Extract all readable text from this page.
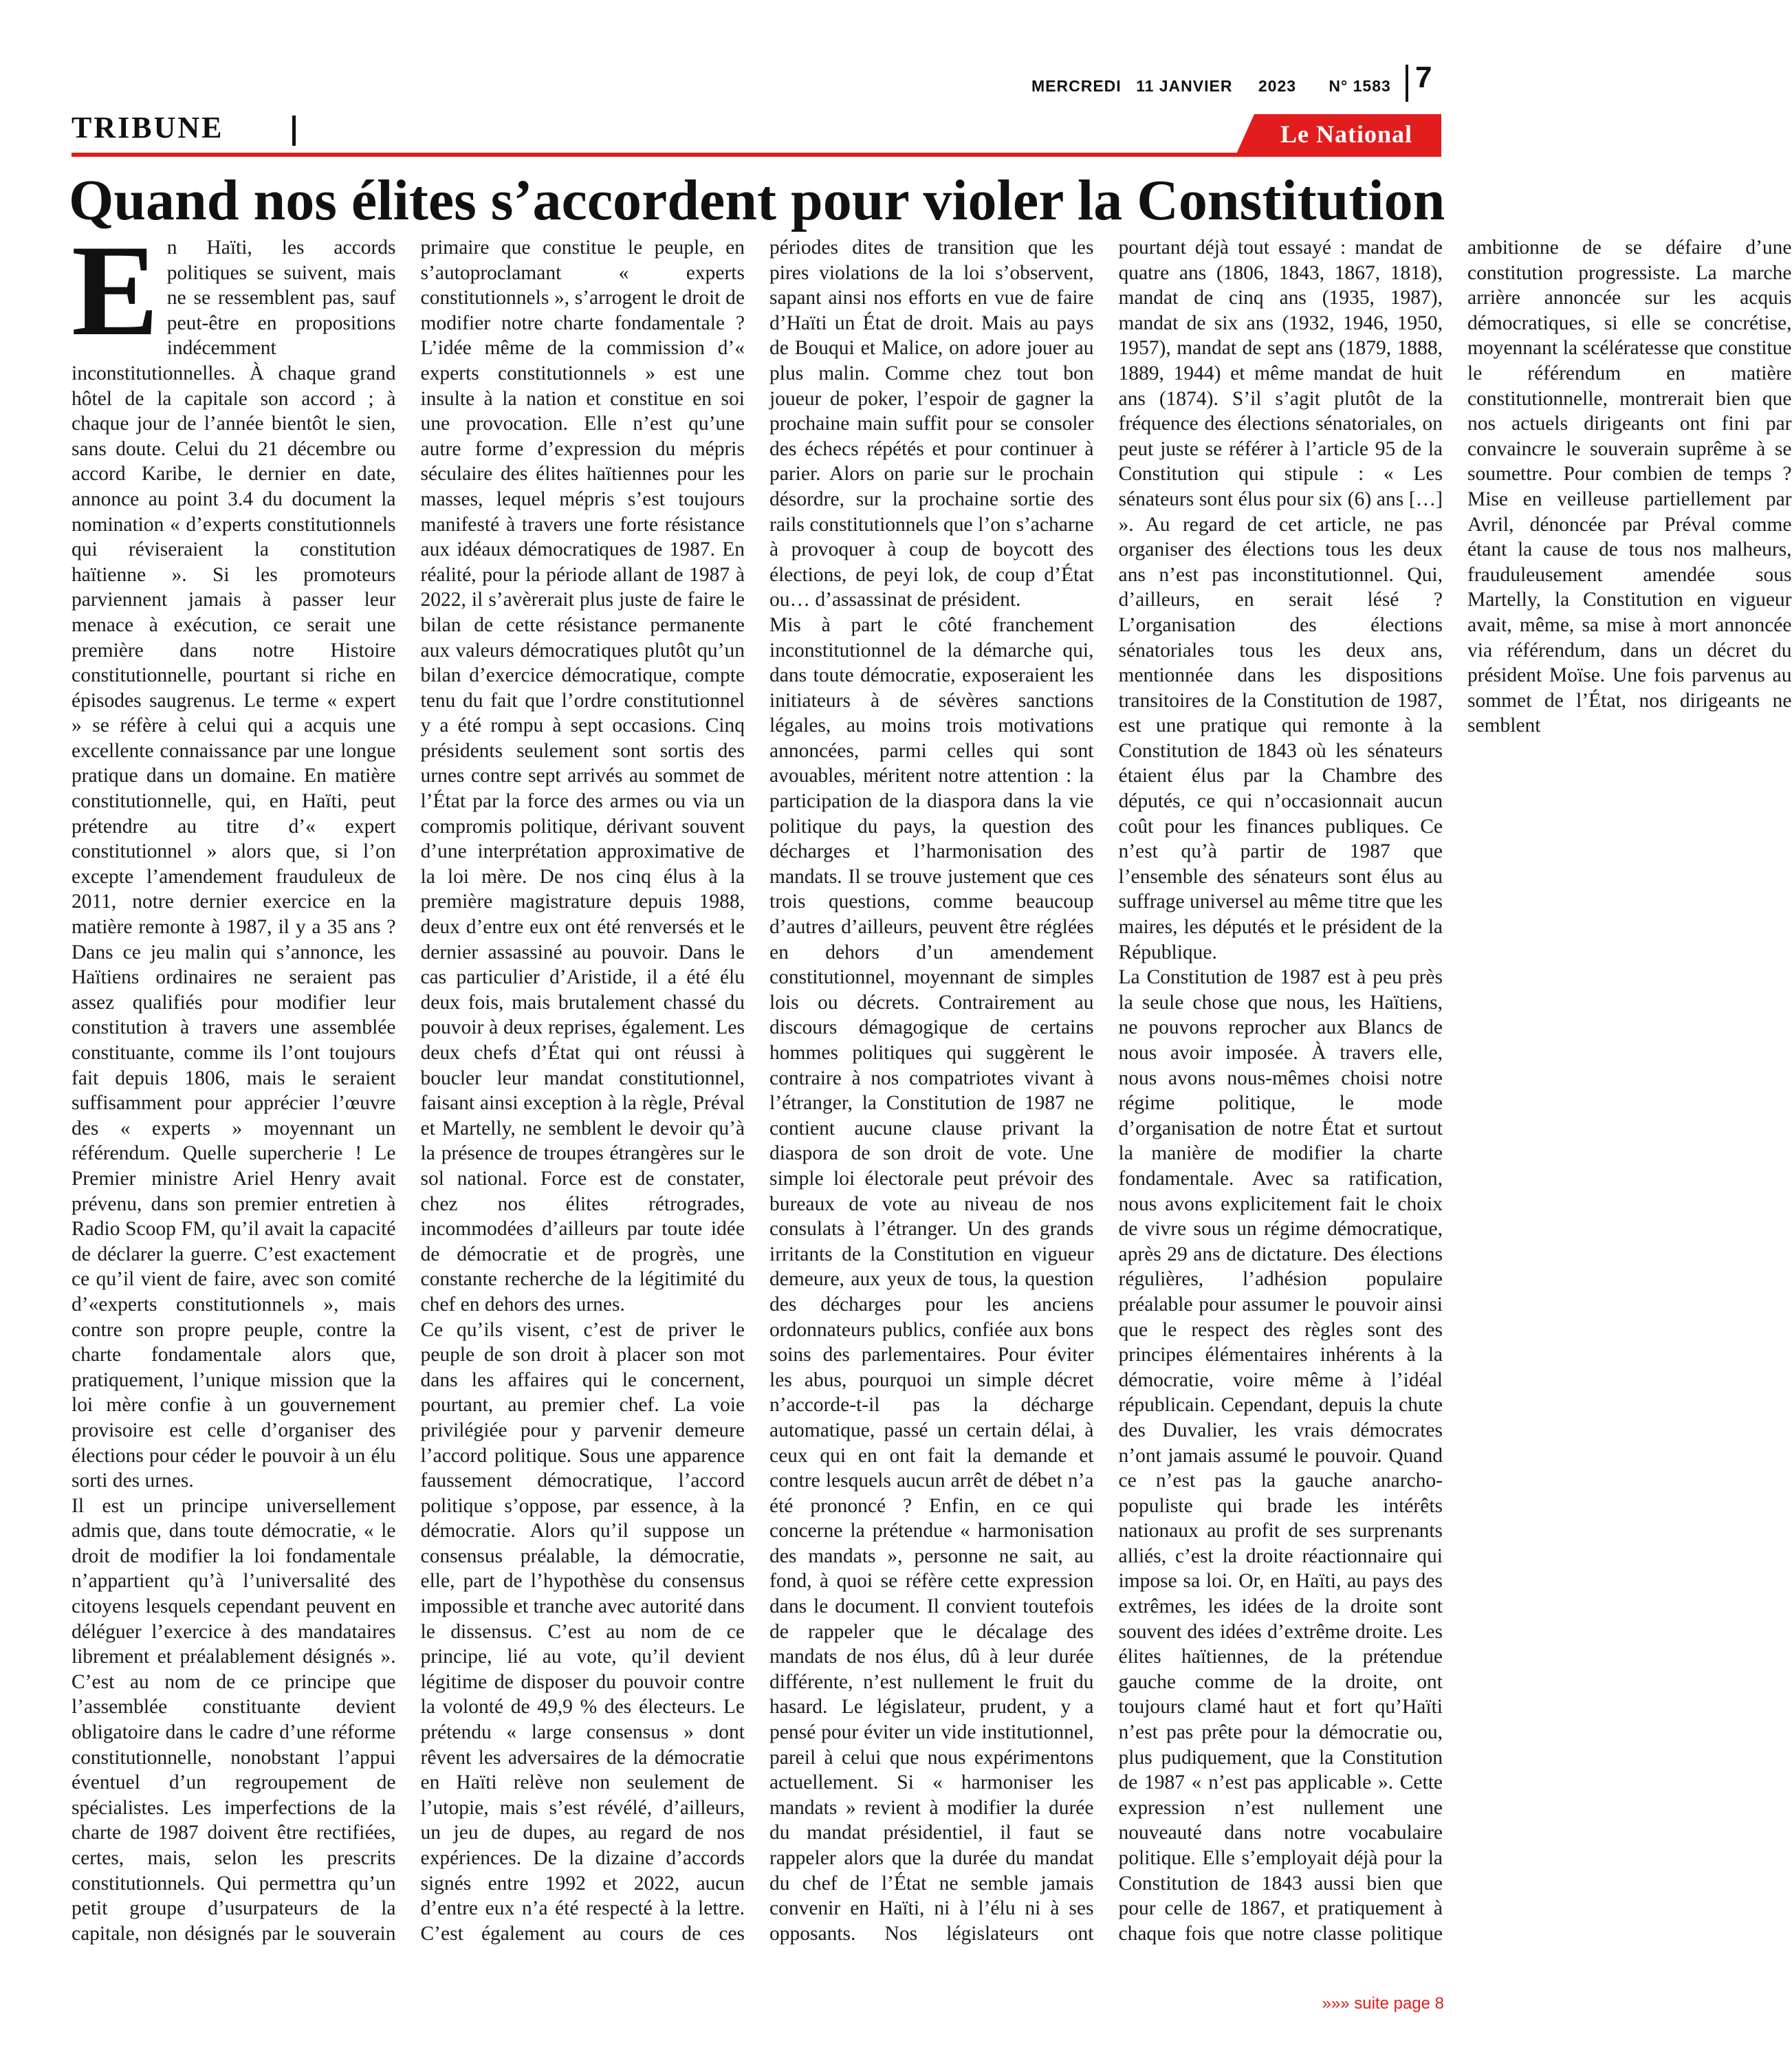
MERCREDI 11 JANVIER 2023 N° 1583 7
TRIBUNE	Le National
Quand nos élites s’accordent pour violer la Constitution

En Haïti, les accords politiques se suivent, mais ne se ressemblent pas, sauf peut-être en propositions indécemment inconstitutionnelles. À chaque grand hôtel de la capitale son accord ; à chaque jour de l’année bientôt le sien, sans doute. Celui du 21 décembre ou accord Karibe, le dernier en date, annonce au point 3.4 du document la nomination « d’experts constitutionnels qui réviseraient la constitution haïtienne ». Si les promoteurs parviennent jamais à passer leur menace à exécution, ce serait une première dans notre Histoire constitutionnelle, pourtant si riche en épisodes saugrenus. Le terme « expert » se réfère à celui qui a acquis une excellente connaissance par une longue pratique dans un domaine. En matière constitutionnelle, qui, en Haïti, peut prétendre au titre d’« expert constitutionnel » alors que, si l’on excepte l’amendement frauduleux de 2011, notre dernier exercice en la matière remonte à 1987, il y a 35 ans ? Dans ce jeu malin qui s’annonce, les Haïtiens ordinaires ne seraient pas assez qualifiés pour modifier leur constitution à travers une assemblée constituante, comme ils l’ont toujours fait depuis 1806, mais le seraient suffisamment pour apprécier l’œuvre des « experts » moyennant un référendum. Quelle supercherie ! Le Premier ministre Ariel Henry avait prévenu, dans son premier entretien à Radio Scoop FM, qu’il avait la capacité de déclarer la guerre. C’est exactement ce qu’il vient de faire, avec son comité d’«experts constitutionnels », mais contre son propre peuple, contre la charte fondamentale alors que, pratiquement, l’unique mission que la loi mère confie à un gouvernement provisoire est celle d’organiser des élections pour céder le pouvoir à un élu sorti des urnes.

Il est un principe universellement admis que, dans toute démocratie, « le droit de modifier la loi fondamentale n’appartient qu’à l’universalité des citoyens lesquels cependant peuvent en déléguer l’exercice à des mandataires librement et préalablement désignés ». C’est au nom de ce principe que l’assemblée constituante devient obligatoire dans le cadre d’une réforme constitutionnelle, nonobstant l’appui éventuel d’un regroupement de spécialistes. Les imperfections de la charte de 1987 doivent être rectifiées, certes, mais, selon les prescrits constitutionnels. Qui permettra qu’un petit groupe d’usurpateurs de la capitale, non désignés par le souverain primaire que constitue le peuple, en s’autoproclamant « experts constitutionnels », s’arrogent le droit de modifier notre charte fondamentale ? L’idée même de la commission d’« experts constitutionnels » est une insulte à la nation et constitue en soi une provocation. Elle n’est qu’une autre forme d’expression du mépris séculaire des élites haïtiennes pour les masses, lequel mépris s’est toujours manifesté à travers une forte résistance aux idéaux démocratiques de 1987. En réalité, pour la période allant de 1987 à 2022, il s’avèrerait plus juste de faire le bilan de cette résistance permanente aux valeurs démocratiques plutôt qu’un bilan d’exercice démocratique, compte tenu du fait que l’ordre constitutionnel y a été rompu à sept occasions. Cinq présidents seulement sont sortis des urnes contre sept arrivés au sommet de l’État par la force des armes ou via un compromis politique, dérivant souvent d’une interprétation approximative de la loi mère. De nos cinq élus à la première magistrature depuis 1988, deux d’entre eux ont été renversés et le dernier assassiné au pouvoir. Dans le cas particulier d’Aristide, il a été élu deux fois, mais brutalement chassé du pouvoir à deux reprises, également. Les deux chefs d’État qui ont réussi à boucler leur mandat constitutionnel, faisant ainsi exception à la règle, Préval et Martelly, ne semblent le devoir qu’à la présence de troupes étrangères sur le sol national. Force est de constater, chez nos élites rétrogrades, incommodées d’ailleurs par toute idée de démocratie et de progrès, une constante recherche de la légitimité du chef en dehors des urnes.

Ce qu’ils visent, c’est de priver le peuple de son droit à placer son mot dans les affaires qui le concernent, pourtant, au premier chef. La voie privilégiée pour y parvenir demeure l’accord politique. Sous une apparence faussement démocratique, l’accord politique s’oppose, par essence, à la démocratie. Alors qu’il suppose un consensus préalable, la démocratie, elle, part de l’hypothèse du consensus impossible et tranche avec autorité dans le dissensus. C’est au nom de ce principe, lié au vote, qu’il devient légitime de disposer du pouvoir contre la volonté de 49,9 % des électeurs. Le prétendu « large consensus » dont rêvent les adversaires de la démocratie en Haïti relève non seulement de l’utopie, mais s’est révélé, d’ailleurs, un jeu de dupes, au regard de nos expériences. De la dizaine d’accords signés entre 1992 et 2022, aucun d’entre eux n’a été respecté à la lettre. C’est également au cours de ces périodes dites de transition que les pires violations de la loi s’observent, sapant ainsi nos efforts en vue de faire d’Haïti un État de droit. Mais au pays de Bouqui et Malice, on adore jouer au plus malin. Comme chez tout bon joueur de poker, l’espoir de gagner la prochaine main suffit pour se consoler des échecs répétés et pour continuer à parier. Alors on parie sur le prochain désordre, sur la prochaine sortie des rails constitutionnels que l’on s’acharne à provoquer à coup de boycott des élections, de peyi lok, de coup d’État ou… d’assassinat de président.

Mis à part le côté franchement inconstitutionnel de la démarche qui, dans toute démocratie, exposeraient les initiateurs à de sévères sanctions légales, au moins trois motivations annoncées, parmi celles qui sont avouables, méritent notre attention : la participation de la diaspora dans la vie politique du pays, la question des décharges et l’harmonisation des mandats. Il se trouve justement que ces trois questions, comme beaucoup d’autres d’ailleurs, peuvent être réglées en dehors d’un amendement constitutionnel, moyennant de simples lois ou décrets. Contrairement au discours démagogique de certains hommes politiques qui suggèrent le contraire à nos compatriotes vivant à l’étranger, la Constitution de 1987 ne contient aucune clause privant la diaspora de son droit de vote. Une simple loi électorale peut prévoir des bureaux de vote au niveau de nos consulats à l’étranger. Un des grands irritants de la Constitution en vigueur demeure, aux yeux de tous, la question des décharges pour les anciens ordonnateurs publics, confiée aux bons soins des parlementaires. Pour éviter les abus, pourquoi un simple décret n’accorde-t-il pas la décharge automatique, passé un certain délai, à ceux qui en ont fait la demande et contre lesquels aucun arrêt de débet n’a été prononcé ? Enfin, en ce qui concerne la prétendue « harmonisation des mandats », personne ne sait, au fond, à quoi se réfère cette expression dans le document. Il convient toutefois de rappeler que le décalage des mandats de nos élus, dû à leur durée différente, n’est nullement le fruit du hasard. Le législateur, prudent, y a pensé pour éviter un vide institutionnel, pareil à celui que nous expérimentons actuellement. Si « harmoniser les mandats » revient à modifier la durée du mandat présidentiel, il faut se rappeler alors que la durée du mandat du chef de l’État ne semble jamais convenir en Haïti, ni à l’élu ni à ses opposants. Nos législateurs ont pourtant déjà tout essayé : mandat de quatre ans (1806, 1843, 1867, 1818), mandat de cinq ans (1935, 1987), mandat de six ans (1932, 1946, 1950, 1957), mandat de sept ans (1879, 1888, 1889, 1944) et même mandat de huit ans (1874). S’il s’agit plutôt de la fréquence des élections sénatoriales, on peut juste se référer à l’article 95 de la Constitution qui stipule : « Les sénateurs sont élus pour six (6) ans […] ». Au regard de cet article, ne pas organiser des élections tous les deux ans n’est pas inconstitutionnel. Qui, d’ailleurs, en serait lésé ? L’organisation des élections sénatoriales tous les deux ans, mentionnée dans les dispositions transitoires de la Constitution de 1987, est une pratique qui remonte à la Constitution de 1843 où les sénateurs étaient élus par la Chambre des députés, ce qui n’occasionnait aucun coût pour les finances publiques. Ce n’est qu’à partir de 1987 que l’ensemble des sénateurs sont élus au suffrage universel au même titre que les maires, les députés et le président de la République.

La Constitution de 1987 est à peu près la seule chose que nous, les Haïtiens, ne pouvons reprocher aux Blancs de nous avoir imposée. À travers elle, nous avons nous-mêmes choisi notre régime politique, le mode d’organisation de notre État et surtout la manière de modifier la charte fondamentale. Avec sa ratification, nous avons explicitement fait le choix de vivre sous un régime démocratique, après 29 ans de dictature. Des élections régulières, l’adhésion populaire préalable pour assumer le pouvoir ainsi que le respect des règles sont des principes élémentaires inhérents à la démocratie, voire même à l’idéal républicain. Cependant, depuis la chute des Duvalier, les vrais démocrates n’ont jamais assumé le pouvoir. Quand ce n’est pas la gauche anarcho-populiste qui brade les intérêts nationaux au profit de ses surprenants alliés, c’est la droite réactionnaire qui impose sa loi. Or, en Haïti, au pays des extrêmes, les idées de la droite sont souvent des idées d’extrême droite. Les élites haïtiennes, de la prétendue gauche comme de la droite, ont toujours clamé haut et fort qu’Haïti n’est pas prête pour la démocratie ou, plus pudiquement, que la Constitution de 1987 « n’est pas applicable ». Cette expression n’est nullement une nouveauté dans notre vocabulaire politique. Elle s’employait déjà pour la Constitution de 1843 aussi bien que pour celle de 1867, et pratiquement à chaque fois que notre classe politique ambitionne de se défaire d’une constitution progressiste. La marche arrière annoncée sur les acquis démocratiques, si elle se concrétise, moyennant la scélératesse que constitue le référendum en matière constitutionnelle, montrerait bien que nos actuels dirigeants ont fini par convaincre le souverain suprême à se soumettre. Pour combien de temps ? Mise en veilleuse partiellement par Avril, dénoncée par Préval comme étant la cause de tous nos malheurs, frauduleusement amendée sous Martelly, la Constitution en vigueur avait, même, sa mise à mort annoncée via référendum, dans un décret du président Moïse. Une fois parvenus au sommet de l’État, nos dirigeants ne semblent

»»» suite page 8
